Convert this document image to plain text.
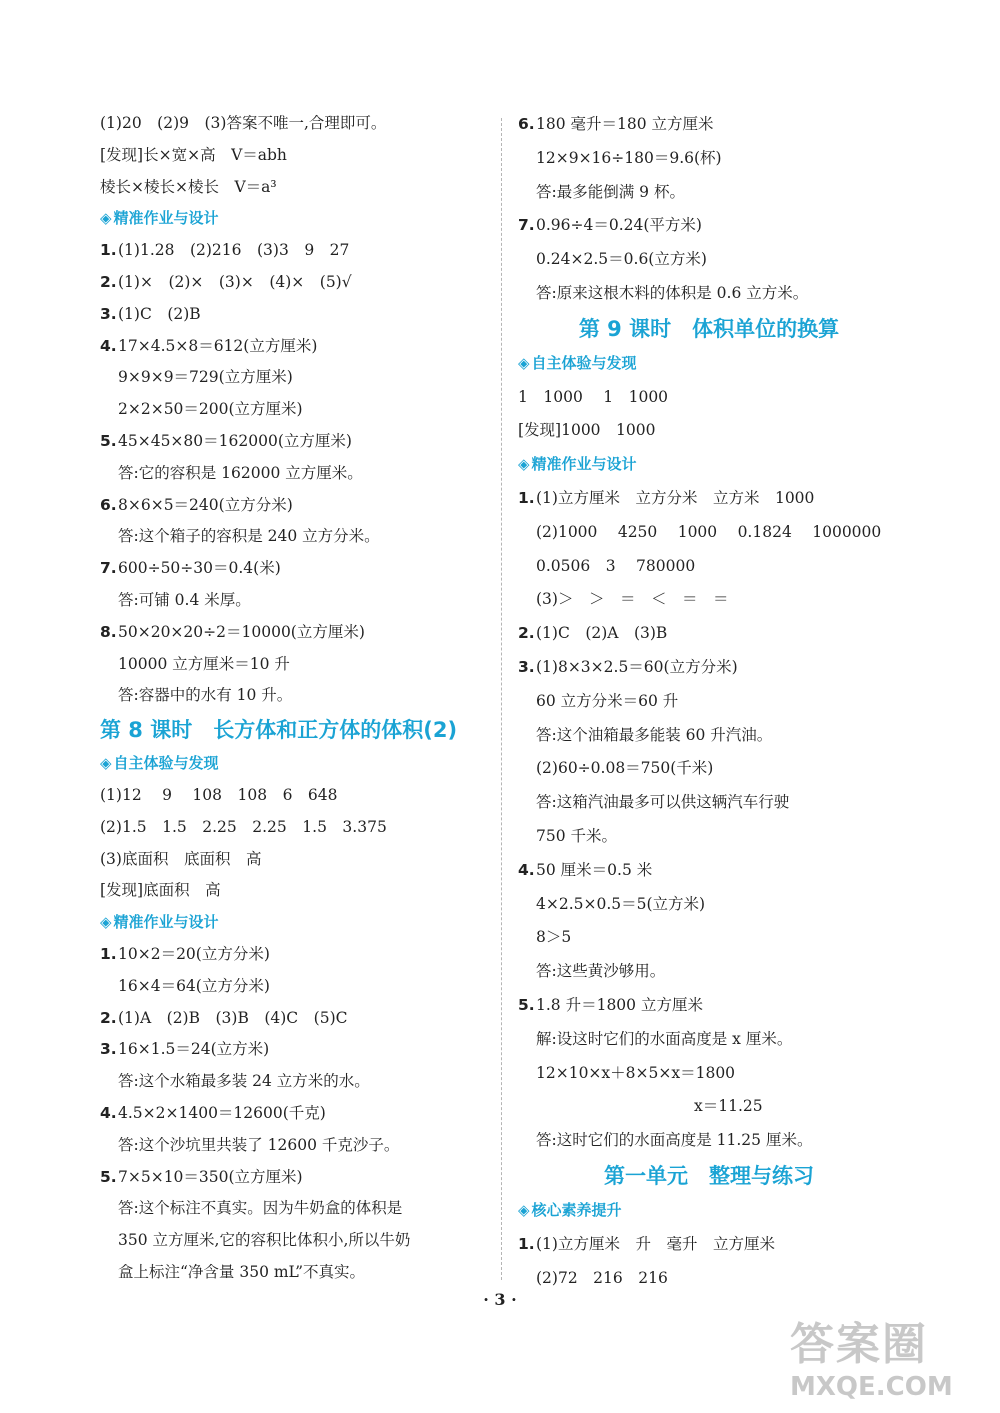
(1)20　(2)9　(3)答案不唯一,合理即可。
[发现]长×宽×高　V＝abh
棱长×棱长×棱长　V＝a³
◈ 精准作业与设计
1.(1)1.28　(2)216　(3)3　9　27
2.(1)×　(2)×　(3)×　(4)×　(5)√
3.(1)C　(2)B
4.17×4.5×8＝612(立方厘米)
9×9×9＝729(立方厘米)
2×2×50＝200(立方厘米)
5.45×45×80＝162000(立方厘米)
答:它的容积是 162000 立方厘米。
6.8×6×5＝240(立方分米)
答:这个箱子的容积是 240 立方分米。
7.600÷50÷30＝0.4(米)
答:可铺 0.4 米厚。
8.50×20×20÷2＝10000(立方厘米)
10000 立方厘米＝10 升
答:容器中的水有 10 升。
第 8 课时　长方体和正方体的体积(2)
◈ 自主体验与发现
(1)12　 9　 108　108　6　648
(2)1.5　1.5　2.25　2.25　1.5　3.375
(3)底面积　底面积　高
[发现]底面积　高
◈ 精准作业与设计
1.10×2＝20(立方分米)
16×4＝64(立方分米)
2.(1)A　(2)B　(3)B　(4)C　(5)C
3.16×1.5＝24(立方米)
答:这个水箱最多装 24 立方米的水。
4.4.5×2×1400＝12600(千克)
答:这个沙坑里共装了 12600 千克沙子。
5.7×5×10＝350(立方厘米)
答:这个标注不真实。因为牛奶盒的体积是
350 立方厘米,它的容积比体积小,所以牛奶
盒上标注“净含量 350 mL”不真实。
6.180 毫升＝180 立方厘米
12×9×16÷180＝9.6(杯)
答:最多能倒满 9 杯。
7.0.96÷4＝0.24(平方米)
0.24×2.5＝0.6(立方米)
答:原来这根木料的体积是 0.6 立方米。
第 9 课时　体积单位的换算
◈ 自主体验与发现
1　1000　 1　1000
[发现]1000　1000
◈ 精准作业与设计
1.(1)立方厘米　立方分米　立方米　1000
(2)1000　 4250　 1000　 0.1824　 1000000
0.0506　3　 780000
(3)＞　＞　＝　＜　＝　＝
2.(1)C　(2)A　(3)B
3.(1)8×3×2.5＝60(立方分米)
60 立方分米＝60 升
答:这个油箱最多能装 60 升汽油。
(2)60÷0.08＝750(千米)
答:这箱汽油最多可以供这辆汽车行驶
750 千米。
4.50 厘米＝0.5 米
4×2.5×0.5＝5(立方米)
8＞5
答:这些黄沙够用。
5.1.8 升＝1800 立方厘米
解:设这时它们的水面高度是 x 厘米。
12×10×x＋8×5×x＝1800
x＝11.25
答:这时它们的水面高度是 11.25 厘米。
第一单元　整理与练习
◈ 核心素养提升
1.(1)立方厘米　升　毫升　立方厘米
(2)72　216　216
· 3 ·
答案圈
MXQE.COM
